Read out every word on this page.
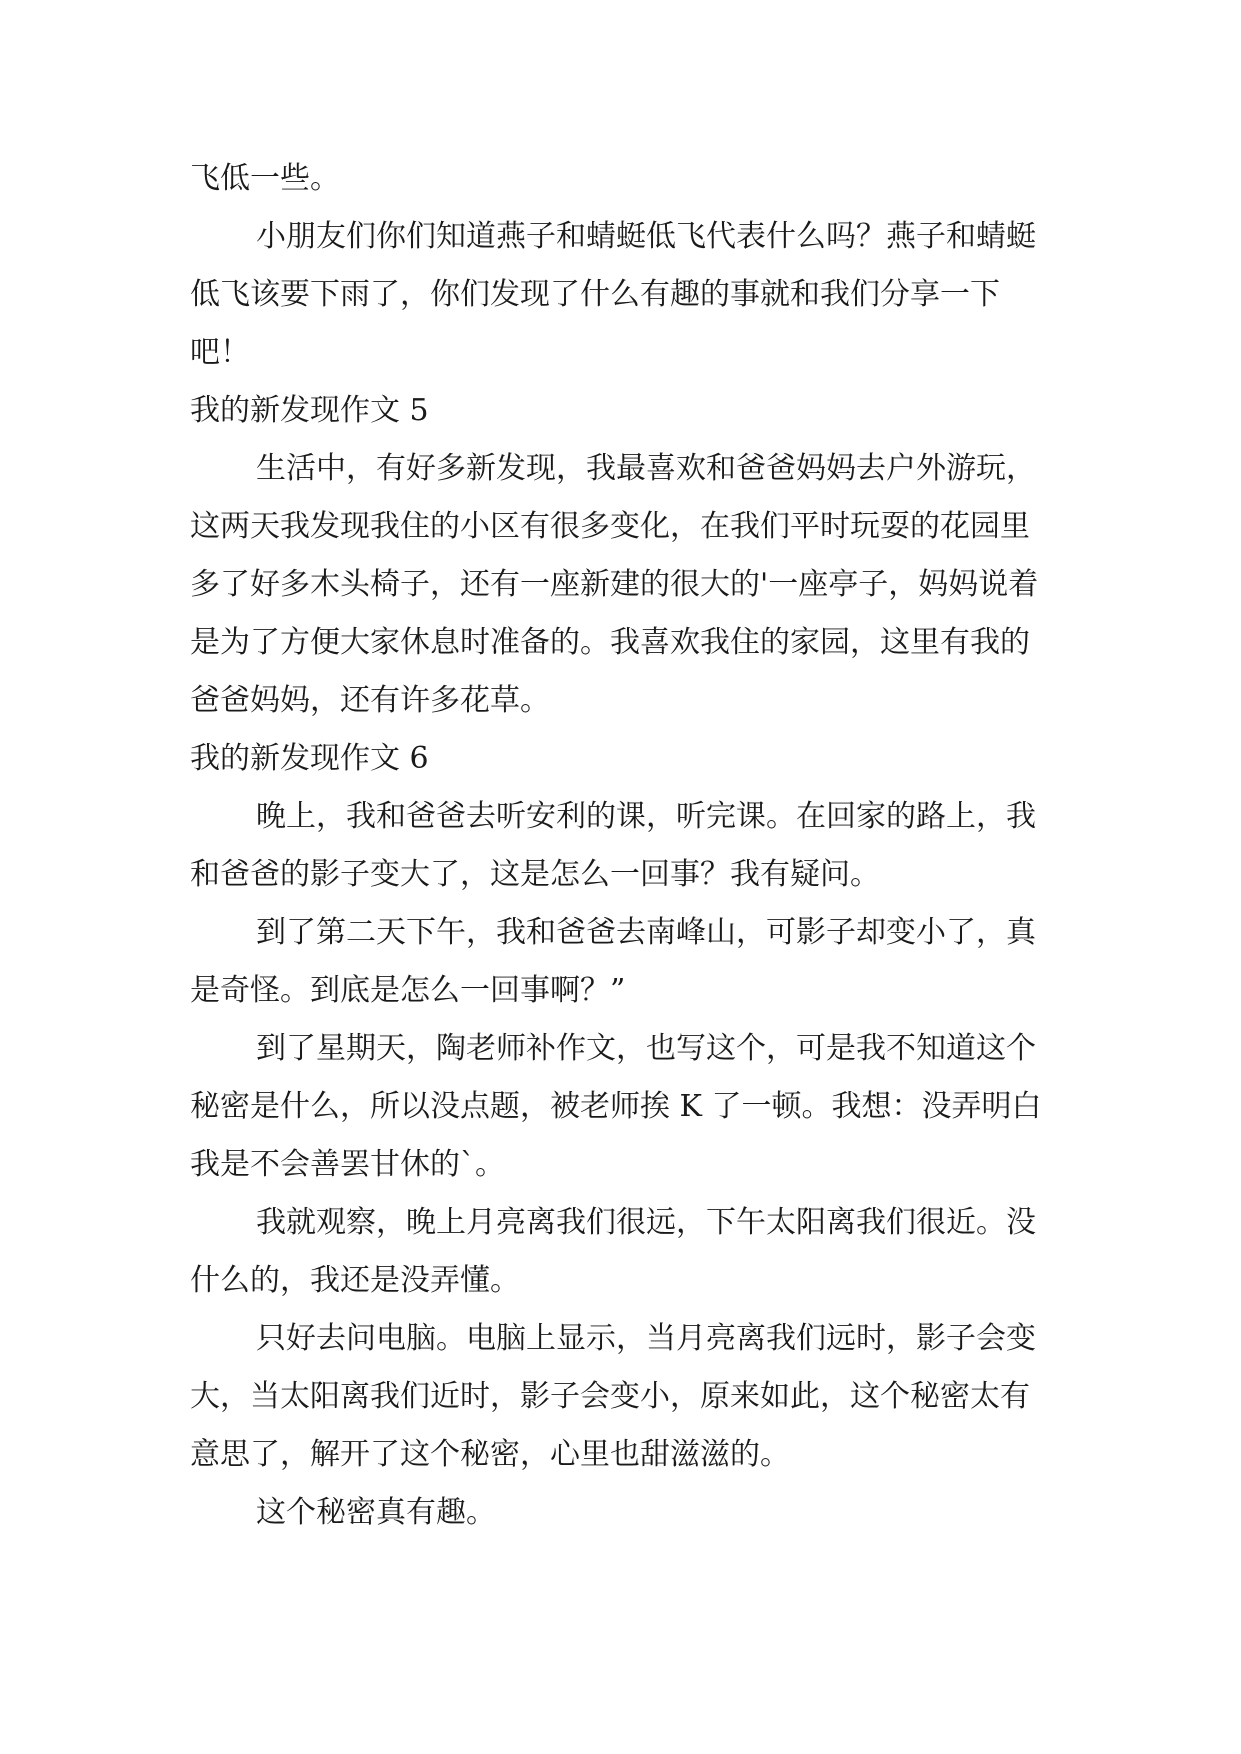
飞低一些。

小朋友们你们知道燕子和蜻蜓低飞代表什么吗？燕子和蜻蜓低飞该要下雨了，你们发现了什么有趣的事就和我们分享一下吧！

我的新发现作文 5

生活中，有好多新发现，我最喜欢和爸爸妈妈去户外游玩，这两天我发现我住的小区有很多变化，在我们平时玩耍的花园里多了好多木头椅子，还有一座新建的很大的'一座亭子，妈妈说着是为了方便大家休息时准备的。我喜欢我住的家园，这里有我的爸爸妈妈，还有许多花草。

我的新发现作文 6

晚上，我和爸爸去听安利的课，听完课。在回家的路上，我和爸爸的影子变大了，这是怎么一回事？我有疑问。

到了第二天下午，我和爸爸去南峰山，可影子却变小了，真是奇怪。到底是怎么一回事啊？”

到了星期天，陶老师补作文，也写这个，可是我不知道这个秘密是什么，所以没点题，被老师挨 K 了一顿。我想：没弄明白我是不会善罢甘休的`。

我就观察，晚上月亮离我们很远，下午太阳离我们很近。没什么的，我还是没弄懂。

只好去问电脑。电脑上显示，当月亮离我们远时，影子会变大，当太阳离我们近时，影子会变小，原来如此，这个秘密太有意思了，解开了这个秘密，心里也甜滋滋的。

这个秘密真有趣。
